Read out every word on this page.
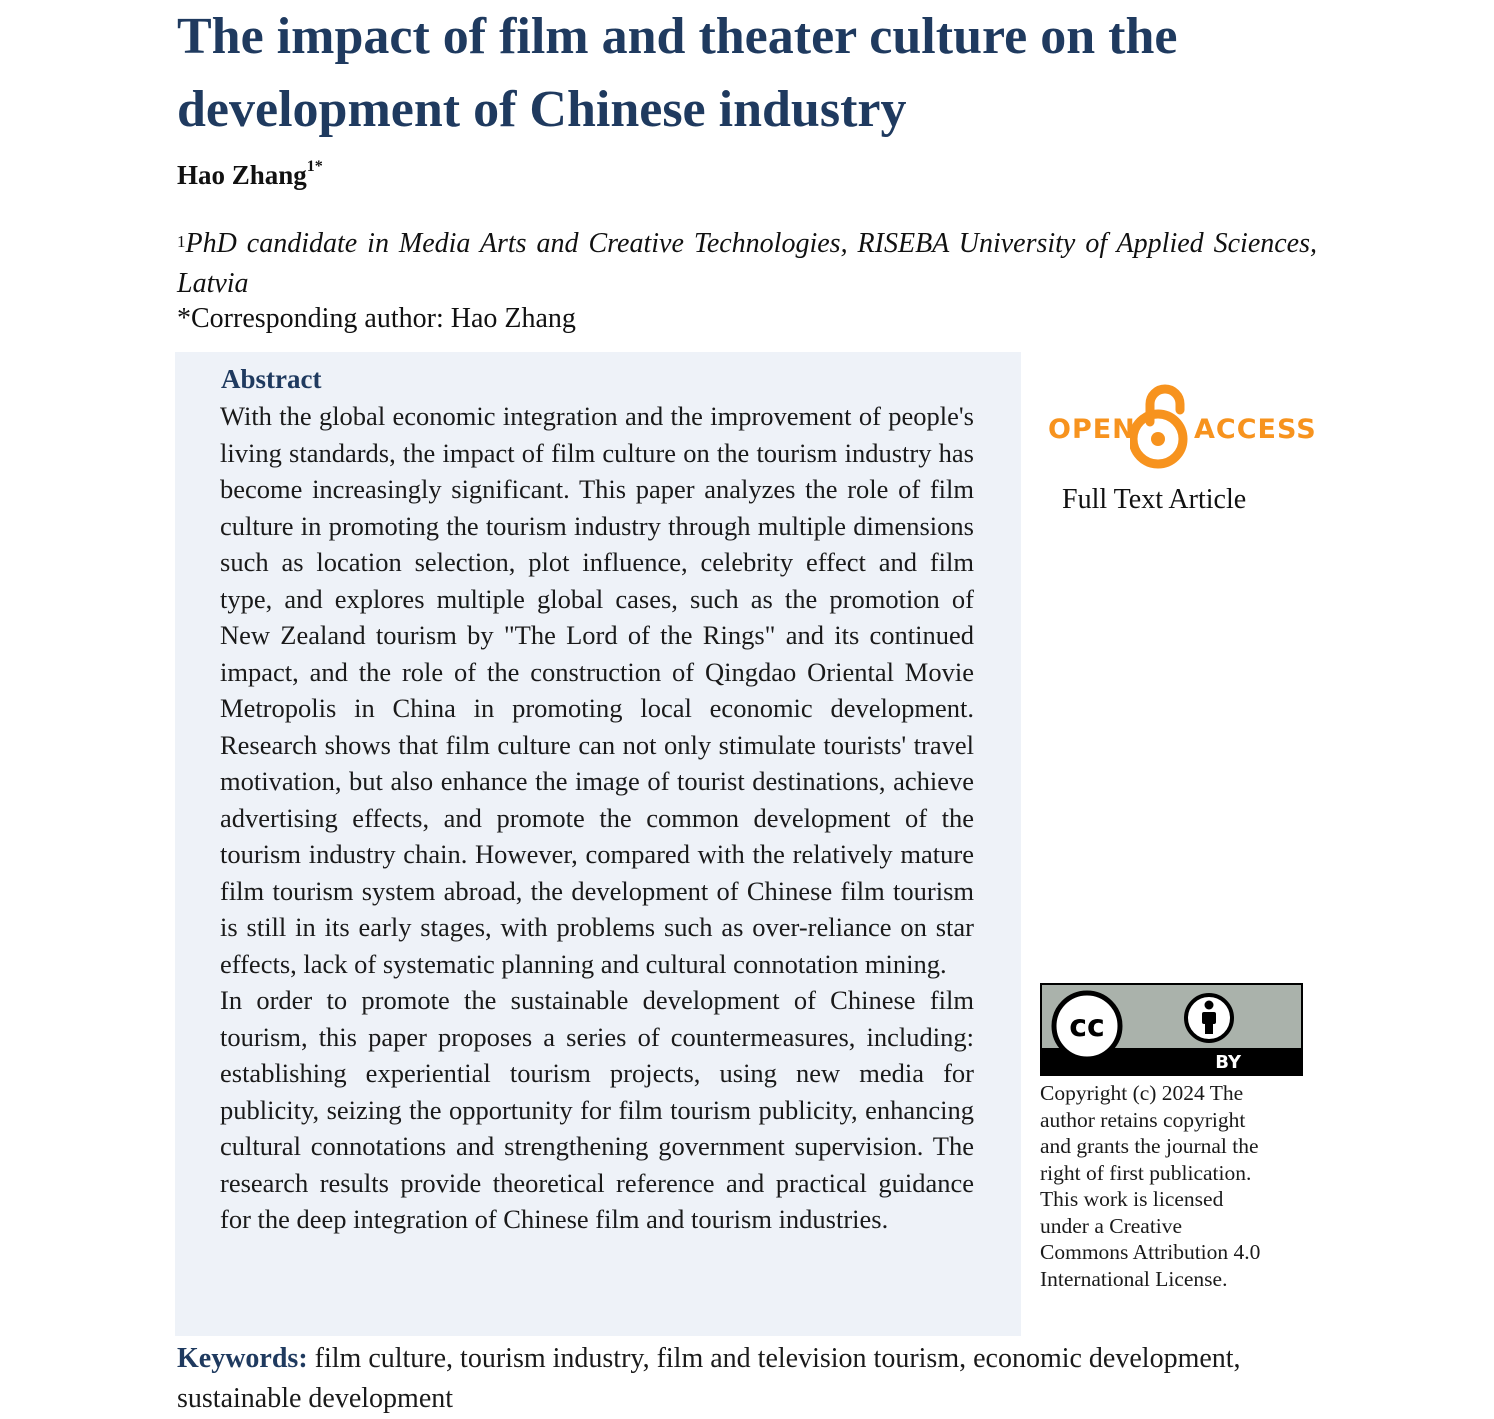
The impact of film and theater culture on the development of Chinese industry
Hao Zhang$^{1*}$
$^1$PhD candidate in Media Arts and Creative Technologies, RISEBA University of Applied Sciences, Latvia
*Corresponding author: Hao Zhang
Abstract

With the global economic integration and the improvement of people's living standards, the impact of film culture on the tourism industry has become increasingly significant. This paper analyzes the role of film culture in promoting the tourism industry through multiple dimensions such as location selection, plot influence, celebrity effect and film type, and explores multiple global cases, such as the promotion of New Zealand tourism by "The Lord of the Rings" and its continued impact, and the role of the construction of Qingdao Oriental Movie Metropolis in China in promoting local economic development. Research shows that film culture can not only stimulate tourists' travel motivation, but also enhance the image of tourist destinations, achieve advertising effects, and promote the common development of the tourism industry chain. However, compared with the relatively mature film tourism system abroad, the development of Chinese film tourism is still in its early stages, with problems such as over-reliance on star effects, lack of systematic planning and cultural connotation mining.

In order to promote the sustainable development of Chinese film tourism, this paper proposes a series of countermeasures, including: establishing experiential tourism projects, using new media for publicity, seizing the opportunity for film tourism publicity, enhancing cultural connotations and strengthening government supervision. The research results provide theoretical reference and practical guidance for the deep integration of Chinese film and tourism industries.

OPEN ACCESS
Full Text Article
cc
BY
Copyright (c) 2024 The
author retains copyright
and grants the journal the
right of first publication.
This work is licensed
under a Creative
Commons Attribution 4.0
International License.
Keywords: film culture, tourism industry, film and television tourism, economic development, sustainable development
